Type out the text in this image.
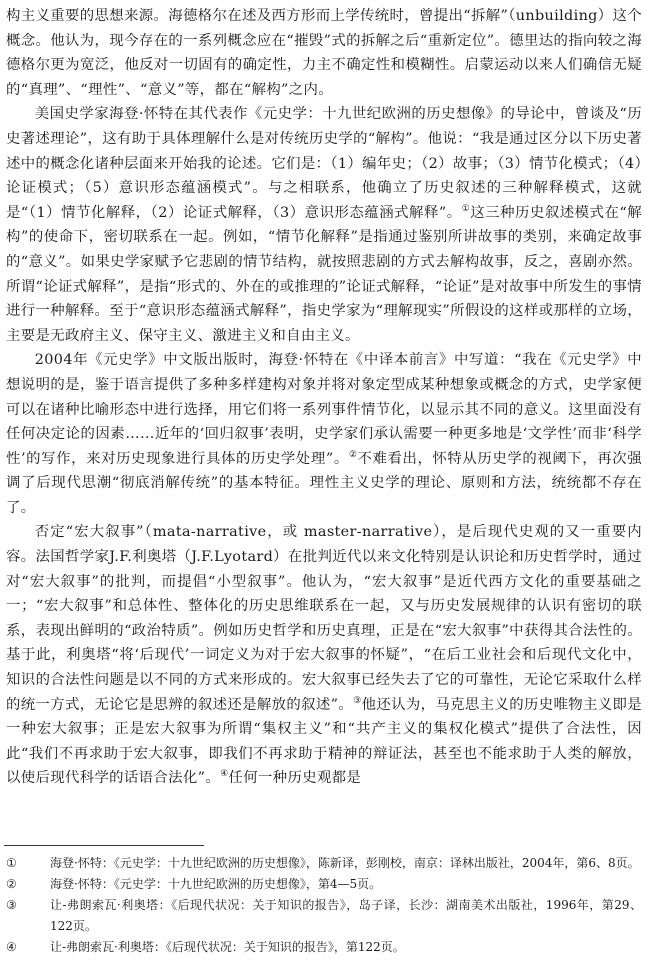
构主义重要的思想来源。海德格尔在述及西方形而上学传统时，曾提出“拆解”（unbuilding）这个概念。他认为，现今存在的一系列概念应在“摧毁”式的拆解之后“重新定位”。德里达的指向较之海德格尔更为宽泛，他反对一切固有的确定性，力主不确定性和模糊性。启蒙运动以来人们确信无疑的“真理”、“理性”、“意义”等，都在“解构”之内。

美国史学家海登·怀特在其代表作《元史学：十九世纪欧洲的历史想像》的导论中，曾谈及“历史著述理论”，这有助于具体理解什么是对传统历史学的“解构”。他说：“我是通过区分以下历史著述中的概念化诸种层面来开始我的论述。它们是：（1）编年史；（2）故事；（3）情节化模式；（4）论证模式；（5）意识形态蕴涵模式”。与之相联系，他确立了历史叙述的三种解释模式，这就是“（1）情节化解释，（2）论证式解释，（3）意识形态蕴涵式解释”。①这三种历史叙述模式在“解构”的使命下，密切联系在一起。例如，“情节化解释”是指通过鉴别所讲故事的类别，来确定故事的“意义”。如果史学家赋予它悲剧的情节结构，就按照悲剧的方式去解构故事，反之，喜剧亦然。所谓“论证式解释”，是指“形式的、外在的或推理的”论证式解释，“论证”是对故事中所发生的事情进行一种解释。至于“意识形态蕴涵式解释”，指史学家为“理解现实”所假设的这样或那样的立场，主要是无政府主义、保守主义、激进主义和自由主义。

2004年《元史学》中文版出版时，海登·怀特在《中译本前言》中写道：“我在《元史学》中想说明的是，鉴于语言提供了多种多样建构对象并将对象定型成某种想象或概念的方式，史学家便可以在诸种比喻形态中进行选择，用它们将一系列事件情节化，以显示其不同的意义。这里面没有任何决定论的因素……近年的‘回归叙事’表明，史学家们承认需要一种更多地是‘文学性’而非‘科学性’的写作，来对历史现象进行具体的历史学处理”。②不难看出，怀特从历史学的视阈下，再次强调了后现代思潮“彻底消解传统”的基本特征。理性主义史学的理论、原则和方法，统统都不存在了。

否定“宏大叙事”（mata-narrative，或 master-narrative），是后现代史观的又一重要内容。法国哲学家J.F.利奥塔（J.F.Lyotard）在批判近代以来文化特别是认识论和历史哲学时，通过对“宏大叙事”的批判，而提倡“小型叙事”。他认为，“宏大叙事”是近代西方文化的重要基础之一；“宏大叙事”和总体性、整体化的历史思维联系在一起，又与历史发展规律的认识有密切的联系，表现出鲜明的“政治特质”。例如历史哲学和历史真理，正是在“宏大叙事”中获得其合法性的。基于此，利奥塔“将‘后现代’一词定义为对于宏大叙事的怀疑”，“在后工业社会和后现代文化中，知识的合法性问题是以不同的方式来形成的。宏大叙事已经失去了它的可靠性，无论它采取什么样的统一方式，无论它是思辨的叙述还是解放的叙述”。③他还认为，马克思主义的历史唯物主义即是一种宏大叙事；正是宏大叙事为所谓“集权主义”和“共产主义的集权化模式”提供了合法性，因此“我们不再求助于宏大叙事，即我们不再求助于精神的辩证法，甚至也不能求助于人类的解放，以使后现代科学的话语合法化”。④任何一种历史观都是

①	海登·怀特：《元史学：十九世纪欧洲的历史想像》，陈新译，彭刚校，南京：译林出版社，2004年，第6、8页。
②	海登·怀特：《元史学：十九世纪欧洲的历史想像》，第4—5页。
③	让-弗朗索瓦·利奥塔：《后现代状况：关于知识的报告》，岛子译，长沙：湖南美术出版社，1996年，第29、122页。
④	让-弗朗索瓦·利奥塔：《后现代状况：关于知识的报告》，第122页。
